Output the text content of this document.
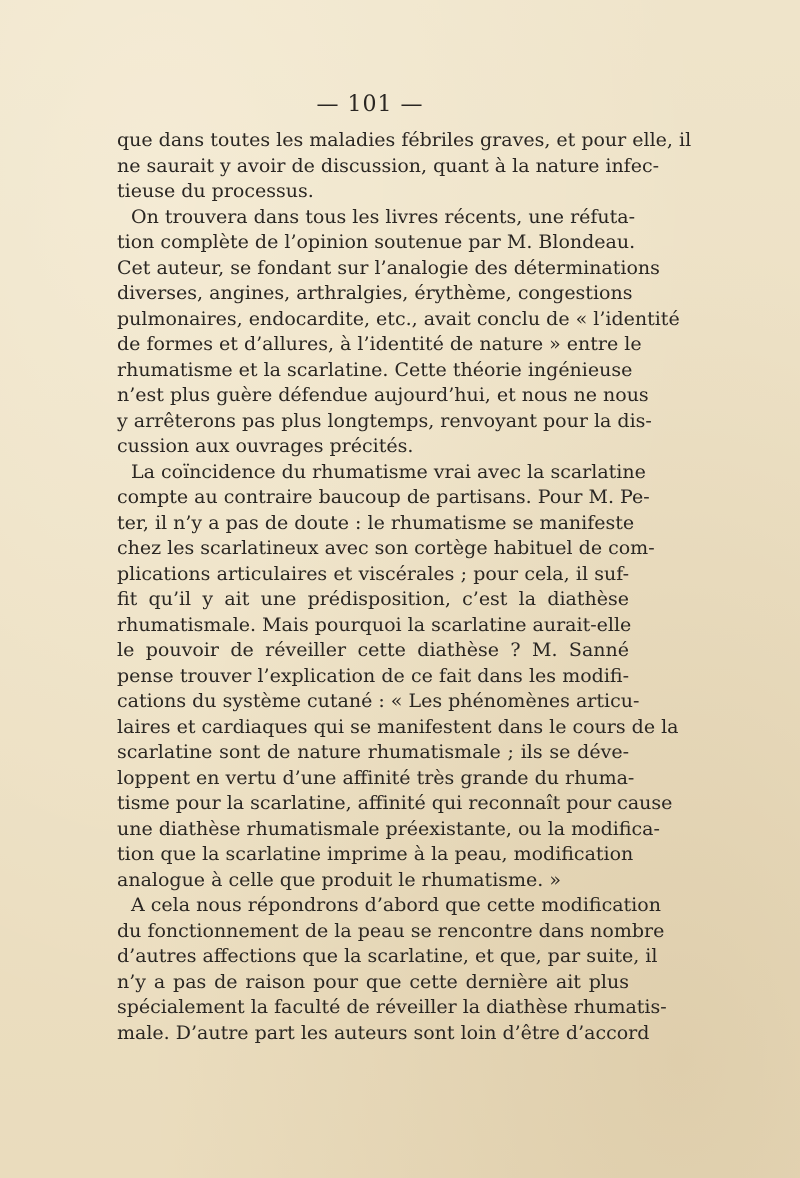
— 101 —
que dans toutes les maladies fébriles graves, et pour elle, il
ne saurait y avoir de discussion, quant à la nature infec-
tieuse du processus.
On trouvera dans tous les livres récents, une réfuta-
tion complète de l’opinion soutenue par M. Blondeau.
Cet auteur, se fondant sur l’analogie des déterminations
diverses, angines, arthralgies, érythème, congestions
pulmonaires, endocardite, etc., avait conclu de « l’identité
de formes et d’allures, à l’identité de nature » entre le
rhumatisme et la scarlatine. Cette théorie ingénieuse
n’est plus guère défendue aujourd’hui, et nous ne nous
y arrêterons pas plus longtemps, renvoyant pour la dis-
cussion aux ouvrages précités.
La coïncidence du rhumatisme vrai avec la scarlatine
compte au contraire baucoup de partisans. Pour M. Pe-
ter, il n’y a pas de doute : le rhumatisme se manifeste
chez les scarlatineux avec son cortège habituel de com-
plications articulaires et viscérales ; pour cela, il suf-
fit qu’il y ait une prédisposition, c’est la diathèse
rhumatismale. Mais pourquoi la scarlatine aurait-elle
le pouvoir de réveiller cette diathèse ? M. Sanné
pense trouver l’explication de ce fait dans les modifi-
cations du système cutané : « Les phénomènes articu-
laires et cardiaques qui se manifestent dans le cours de la
scarlatine sont de nature rhumatismale ; ils se déve-
loppent en vertu d’une affinité très grande du rhuma-
tisme pour la scarlatine, affinité qui reconnaît pour cause
une diathèse rhumatismale préexistante, ou la modifica-
tion que la scarlatine imprime à la peau, modification
analogue à celle que produit le rhumatisme. »
A cela nous répondrons d’abord que cette modification
du fonctionnement de la peau se rencontre dans nombre
d’autres affections que la scarlatine, et que, par suite, il
n’y a pas de raison pour que cette dernière ait plus
spécialement la faculté de réveiller la diathèse rhumatis-
male. D’autre part les auteurs sont loin d’être d’accord
